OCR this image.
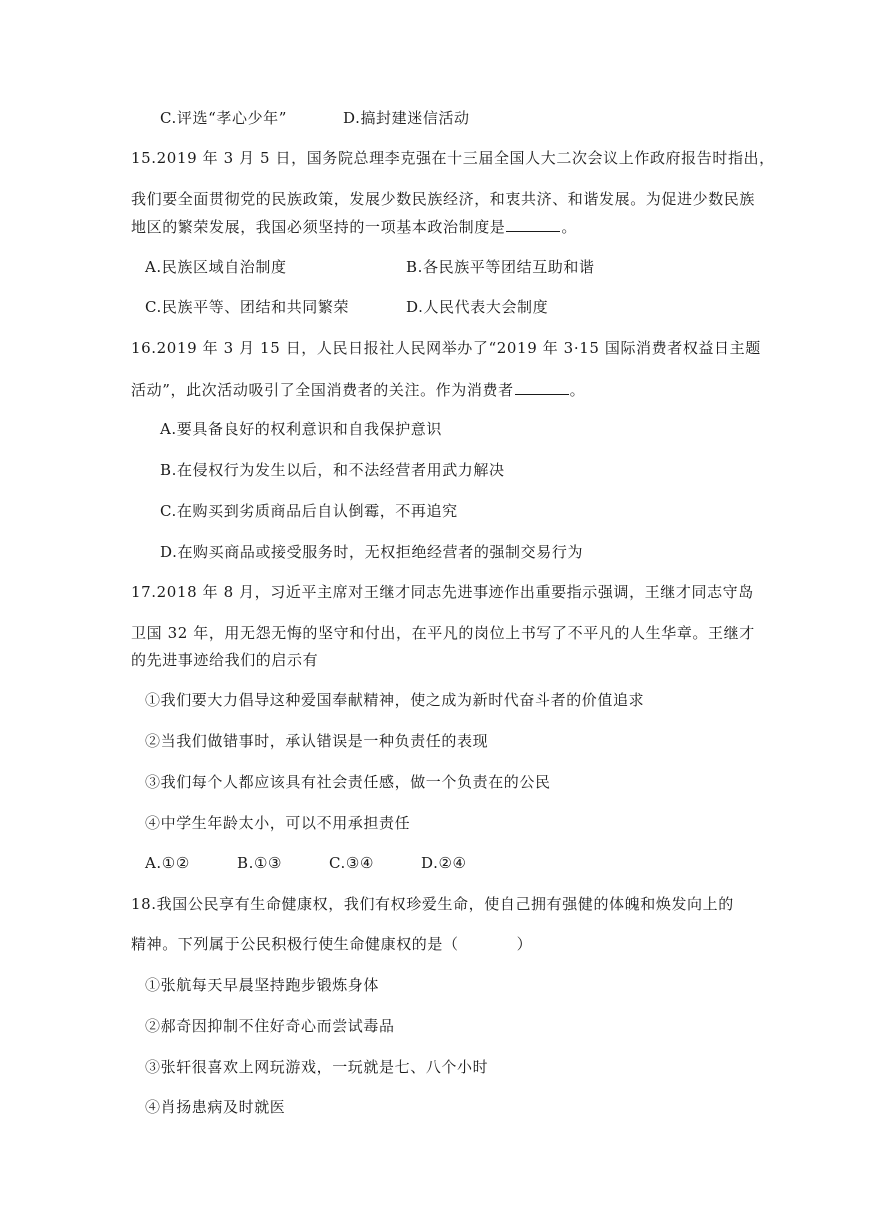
C.评选“孝心少年”	D.搞封建迷信活动
15.2019 年 3 月 5 日，国务院总理李克强在十三届全国人大二次会议上作政府报告时指出，
我们要全面贯彻党的民族政策，发展少数民族经济，和衷共济、和谐发展。为促进少数民族
地区的繁荣发展，我国必须坚持的一项基本政治制度是	。
A.民族区域自治制度	B.各民族平等团结互助和谐
C.民族平等、团结和共同繁荣	D.人民代表大会制度
16.2019 年 3 月 15 日，人民日报社人民网举办了“2019 年 3·15 国际消费者权益日主题
活动”，此次活动吸引了全国消费者的关注。作为消费者	。
A.要具备良好的权利意识和自我保护意识
B.在侵权行为发生以后，和不法经营者用武力解决
C.在购买到劣质商品后自认倒霉，不再追究
D.在购买商品或接受服务时，无权拒绝经营者的强制交易行为
17.2018 年 8 月，习近平主席对王继才同志先进事迹作出重要指示强调，王继才同志守岛
卫国 32 年，用无怨无悔的坚守和付出，在平凡的岗位上书写了不平凡的人生华章。王继才
的先进事迹给我们的启示有
①我们要大力倡导这种爱国奉献精神，使之成为新时代奋斗者的价值追求
②当我们做错事时，承认错误是一种负责任的表现
③我们每个人都应该具有社会责任感，做一个负责在的公民
④中学生年龄太小，可以不用承担责任
A.①②	B.①③	C.③④	D.②④
18.我国公民享有生命健康权，我们有权珍爱生命，使自己拥有强健的体魄和焕发向上的
精神。下列属于公民积极行使生命健康权的是（	）
①张航每天早晨坚持跑步锻炼身体
②郝奇因抑制不住好奇心而尝试毒品
③张轩很喜欢上网玩游戏，一玩就是七、八个小时
④肖扬患病及时就医
